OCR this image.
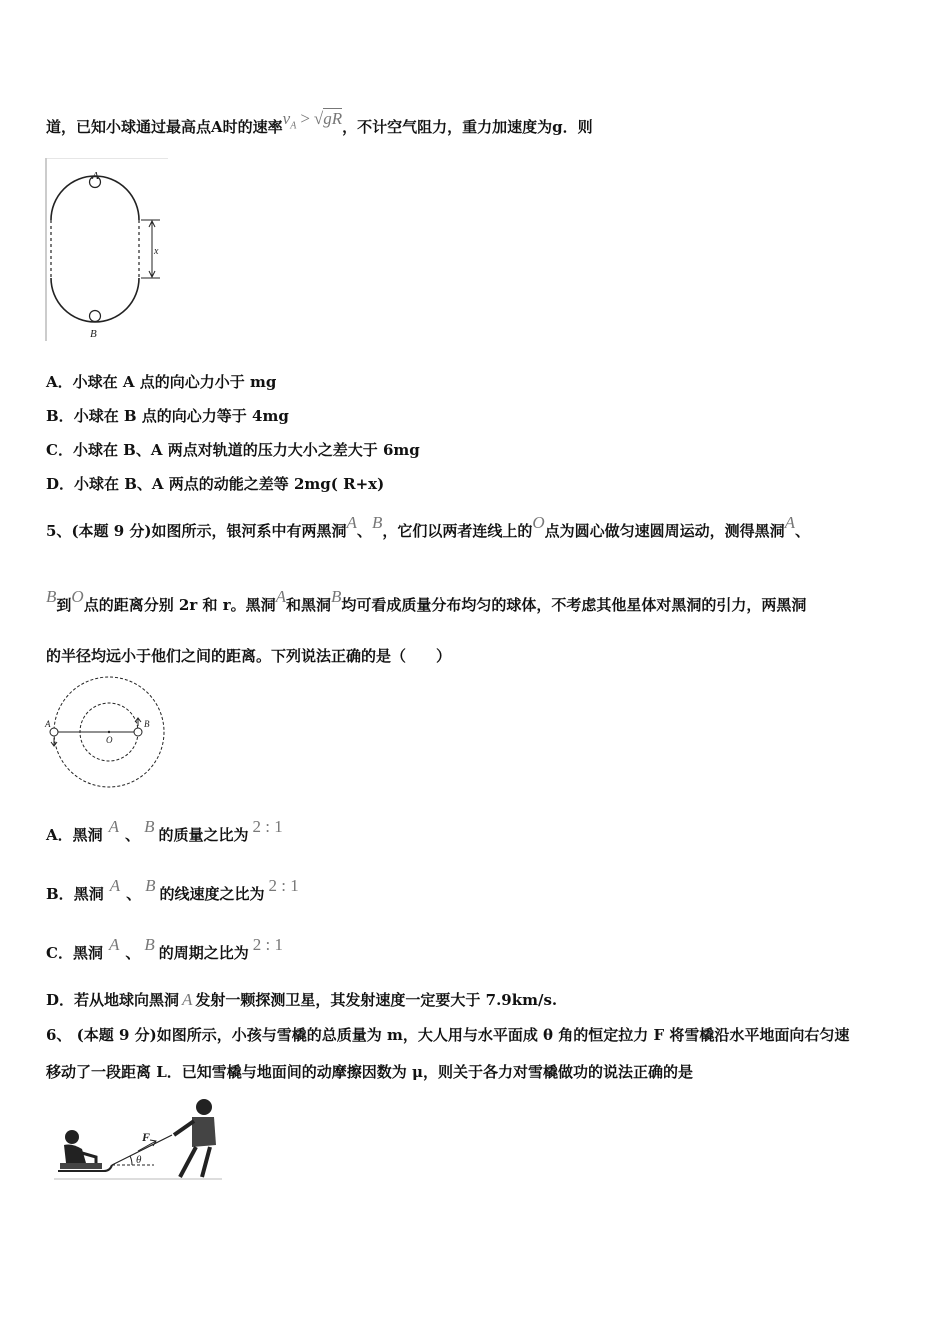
道，已知小球通过最高点A时的速率$v_A > √gR$，不计空气阻力，重力加速度为g．则
A
B
x
A．小球在 A 点的向心力小于 mg
B．小球在 B 点的向心力等于 4mg
C．小球在 B、A 两点对轨道的压力大小之差大于 6mg
D．小球在 B、A 两点的动能之差等 2mg( R+x)
5、(本题 9 分)如图所示，银河系中有两黑洞A、B，它们以两者连线上的O点为圆心做匀速圆周运动，测得黑洞A、
B到O点的距离分别 2r 和 r。黑洞A和黑洞B均可看成质量分布均匀的球体，不考虑其他星体对黑洞的引力，两黑洞
的半径均远小于他们之间的距离。下列说法正确的是（　　）
A
O
B
A．黑洞 A 、 B 的质量之比为 2 : 1
B．黑洞 A 、 B 的线速度之比为 2 : 1
C．黑洞 A 、 B 的周期之比为 2 : 1
D．若从地球向黑洞 A 发射一颗探测卫星，其发射速度一定要大于 7.9km/s.
6、 (本题 9 分)如图所示，小孩与雪橇的总质量为 m，大人用与水平面成 θ 角的恒定拉力 F 将雪橇沿水平地面向右匀速
移动了一段距离 L．已知雪橇与地面间的动摩擦因数为 μ，则关于各力对雪橇做功的说法正确的是
F
θ
